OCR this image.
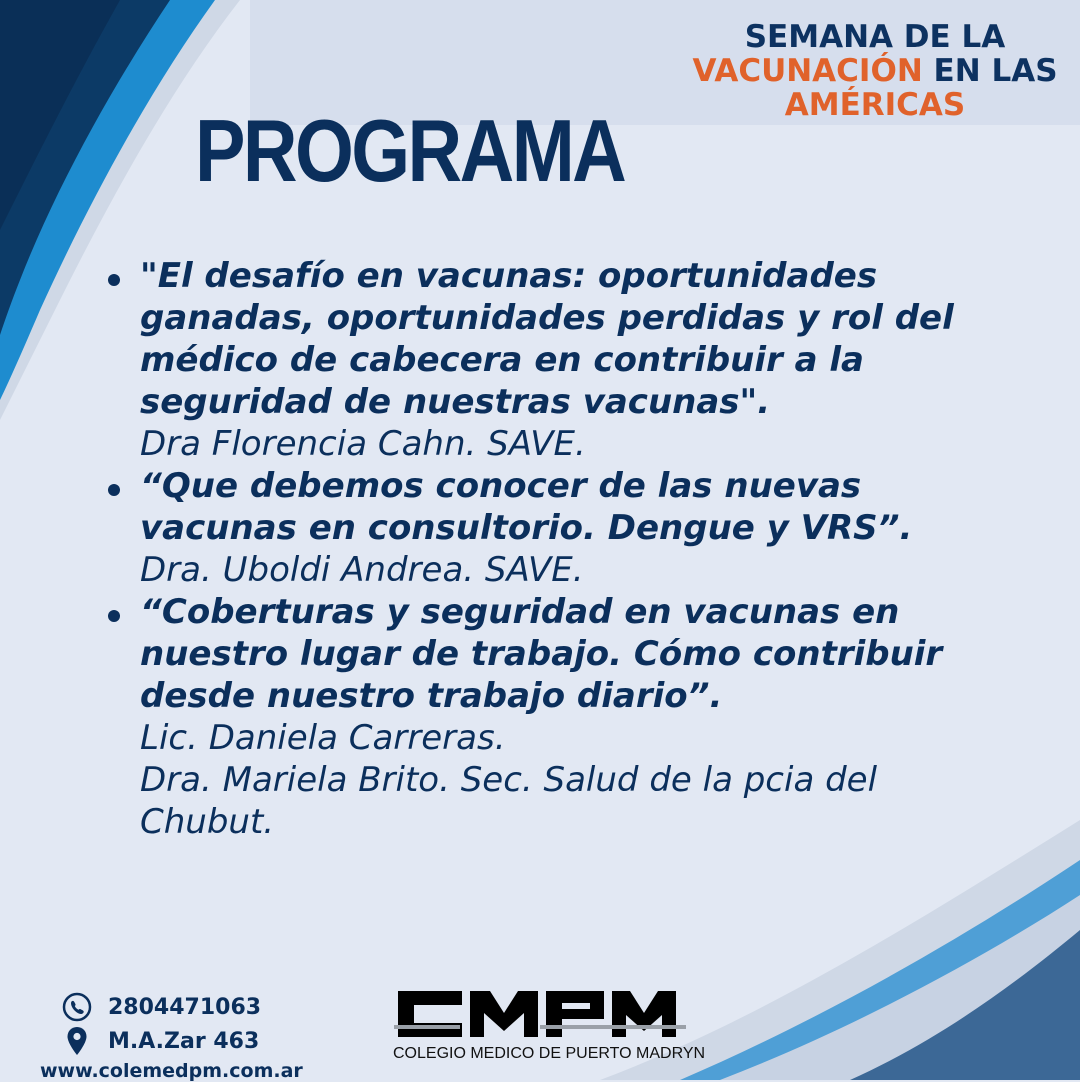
SEMANA DE LA
VACUNACIÓN EN LAS
AMÉRICAS
PROGRAMA
"El desafío en vacunas: oportunidades ganadas, oportunidades perdidas y rol del médico de cabecera en contribuir a la seguridad de nuestras vacunas".
Dra Florencia Cahn. SAVE.
“Que debemos conocer de las nuevas vacunas en consultorio. Dengue y VRS”.
Dra. Uboldi Andrea. SAVE.
“Coberturas y seguridad en vacunas en nuestro lugar de trabajo. Cómo contribuir desde nuestro trabajo diario”.
Lic. Daniela Carreras.
Dra. Mariela Brito. Sec. Salud de la pcia del Chubut.
2804471063
M.A.Zar 463
www.colemedpm.com.ar
COLEGIO MEDICO DE PUERTO MADRYN
